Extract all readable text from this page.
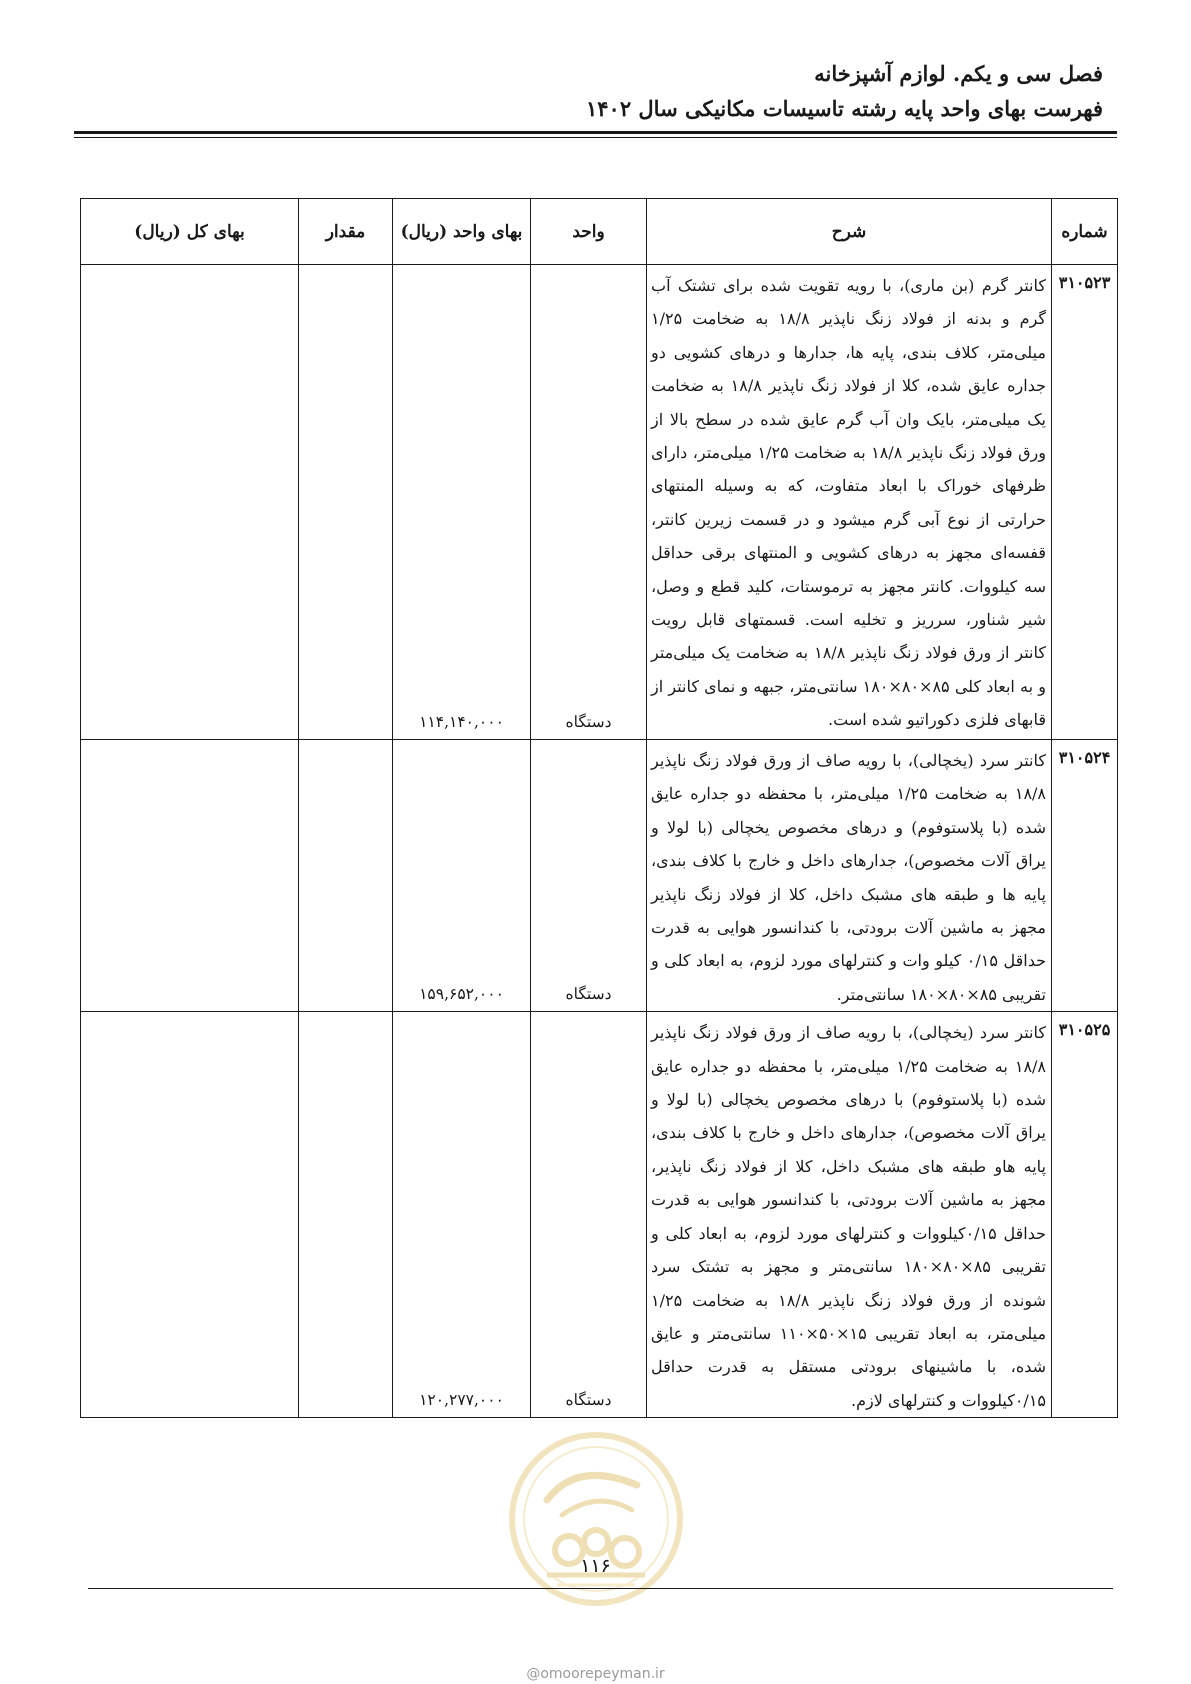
فصل سی و یکم. لوازم آشپزخانه
فهرست بهای واحد پایه رشته تاسیسات مکانیکی سال ۱۴۰۲
شماره	شرح	واحد	بهای واحد (ریال)	مقدار	بهای کل (ریال)
۳۱۰۵۲۳	کانتر گرم (بن ماری)، با رویه تقویت شده برای تشتک آب گرم و بدنه از فولاد زنگ ناپذیر ۱۸/۸ به ضخامت ۱/۲۵ میلی‌متر، کلاف بندی، پایه ها، جدارها و درهای کشویی دو جداره عایق شده، کلا از فولاد زنگ ناپذیر ۱۸/۸ به ضخامت یک میلی‌متر، بایک وان آب گرم عایق شده در سطح بالا از ورق فولاد زنگ ناپذیر ۱۸/۸ به ضخامت ۱/۲۵ میلی‌متر، دارای ظرفهای خوراک با ابعاد متفاوت، که به وسیله المنتهای حرارتی از نوع آبی گرم میشود و در قسمت زیرین کانتر، قفسه‌ای مجهز به درهای کشویی و المنتهای برقی حداقل سه کیلووات. کانتر مجهز به ترموستات، کلید قطع و وصل، شیر شناور، سرریز و تخلیه است. قسمتهای قابل رویت کانتر از ورق فولاد زنگ ناپذیر ۱۸/۸ به ضخامت یک میلی‌متر و به ابعاد کلی ۸۵×۸۰×۱۸۰ سانتی‌متر، جبهه و نمای کانتر از قابهای فلزی دکوراتیو شده است.	دستگاه	۱۱۴,۱۴۰,۰۰۰		
۳۱۰۵۲۴	کانتر سرد (یخچالی)، با رویه صاف از ورق فولاد زنگ ناپذیر ۱۸/۸ به ضخامت ۱/۲۵ میلی‌متر، با محفظه دو جداره عایق شده (با پلاستوفوم) و درهای مخصوص یخچالی (با لولا و یراق آلات مخصوص)، جدارهای داخل و خارج با کلاف بندی، پایه ها و طبقه های مشبک داخل، کلا از فولاد زنگ ناپذیر مجهز به ماشین آلات برودتی، با کندانسور هوایی به قدرت حداقل ۰/۱۵ کیلو وات و کنترلهای مورد لزوم، به ابعاد کلی و تقریبی ۸۵×۸۰×۱۸۰ سانتی‌متر.	دستگاه	۱۵۹,۶۵۲,۰۰۰		
۳۱۰۵۲۵	کانتر سرد (یخچالی)، با رویه صاف از ورق فولاد زنگ ناپذیر ۱۸/۸ به ضخامت ۱/۲۵ میلی‌متر، با محفظه دو جداره عایق شده (با پلاستوفوم) با درهای مخصوص یخچالی (با لولا و یراق آلات مخصوص)، جدارهای داخل و خارج با کلاف بندی، پایه هاو طبقه های مشبک داخل، کلا از فولاد زنگ ناپذیر، مجهز به ماشین آلات برودتی، با کندانسور هوایی به قدرت حداقل ۰/۱۵کیلووات و کنترلهای مورد لزوم، به ابعاد کلی و تقریبی ۸۵×۸۰×۱۸۰ سانتی‌متر و مجهز به تشتک سرد شونده از ورق فولاد زنگ ناپذیر ۱۸/۸ به ضخامت ۱/۲۵ میلی‌متر، به ابعاد تقریبی ۱۵×۵۰×۱۱۰ سانتی‌متر و عایق شده، با ماشینهای برودتی مستقل به قدرت حداقل ۰/۱۵کیلووات و کنترلهای لازم.	دستگاه	۱۲۰,۲۷۷,۰۰۰		
۱۱۶
@omoorepeyman.ir
